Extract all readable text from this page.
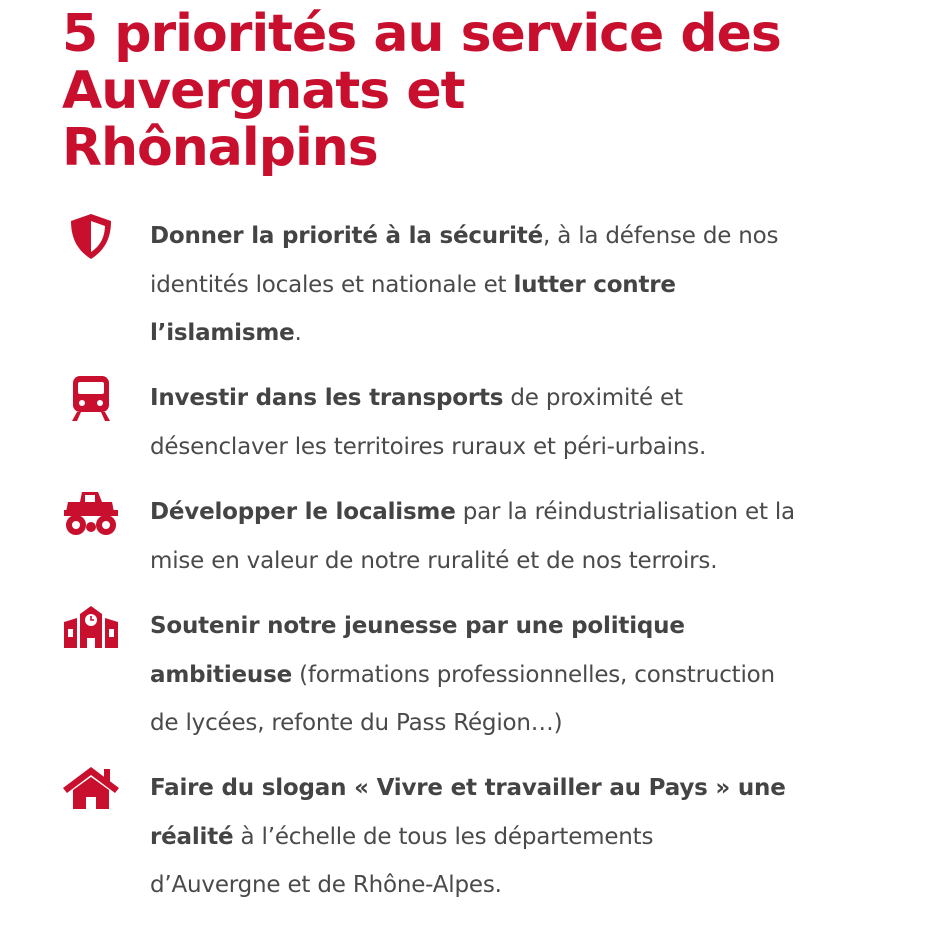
5 priorités au service des
Auvergnats et
Rhônalpins
Donner la priorité à la sécurité, à la défense de nos
identités locales et nationale et lutter contre
l’islamisme.
Investir dans les transports de proximité et
désenclaver les territoires ruraux et péri-urbains.
Développer le localisme par la réindustrialisation et la
mise en valeur de notre ruralité et de nos terroirs.
Soutenir notre jeunesse par une politique
ambitieuse (formations professionnelles, construction
de lycées, refonte du Pass Région…)
Faire du slogan « Vivre et travailler au Pays » une
réalité à l’échelle de tous les départements
d’Auvergne et de Rhône-Alpes.
